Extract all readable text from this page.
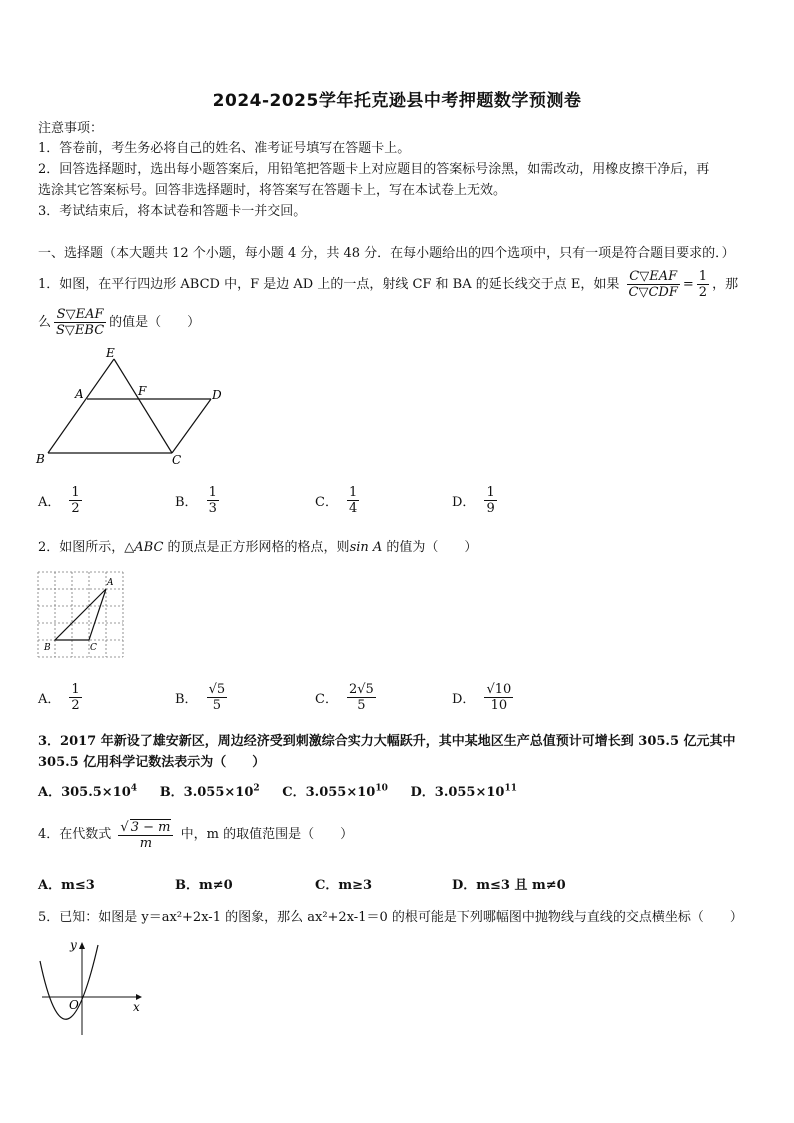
2024-2025学年托克逊县中考押题数学预测卷
注意事项：
1．答卷前，考生务必将自己的姓名、准考证号填写在答题卡上。
2．回答选择题时，选出每小题答案后，用铅笔把答题卡上对应题目的答案标号涂黑，如需改动，用橡皮擦干净后，再
选涂其它答案标号。回答非选择题时，将答案写在答题卡上，写在本试卷上无效。
3．考试结束后，将本试卷和答题卡一并交回。
一、选择题（本大题共 12 个小题，每小题 4 分，共 48 分．在每小题给出的四个选项中，只有一项是符合题目要求的．）
1．如图，在平行四边形 ABCD 中，F 是边 AD 上的一点，射线 CF 和 BA 的延长线交于点 E，如果 $\frac{\text{C▽EAF}}{\text{C▽CDF}} = \frac{1}{2}$ ，那
么 $\frac{\text{S▽EAF}}{\text{S▽EBC}}$ 的值是（　　）
E
A	F	D
B	C
A． $\frac{1}{2}$	B． $\frac{1}{3}$	C． $\frac{1}{4}$	D． $\frac{1}{9}$
2．如图所示，△ABC 的顶点是正方形网格的格点，则sin A 的值为（　　）
A
B	C
A． $\frac{1}{2}$	B． $\frac{√5}{5}$	C． $\frac{2√5}{5}$	D． $\frac{√10}{10}$
3．2017 年新设了雄安新区，周边经济受到刺激综合实力大幅跃升，其中某地区生产总值预计可增长到 305.5 亿元其中
305.5 亿用科学记数法表示为（　　）
A．$305.5\times 10^4$ B．$3.055\times 10^2$ C．$3.055\times 10^{10}$ D．$3.055\times 10^{11}$
4．在代数式 $\frac{√ 3 - m}{m}$ 中，m 的取值范围是（　　）
A．m≤3	B．m≠0	C．m≥3	D．m≤3 且 m≠0
5．已知：如图是 y＝ax²+2x-1 的图象，那么 ax²+2x-1＝0 的根可能是下列哪幅图中抛物线与直线的交点横坐标（　　）
y
x
O
